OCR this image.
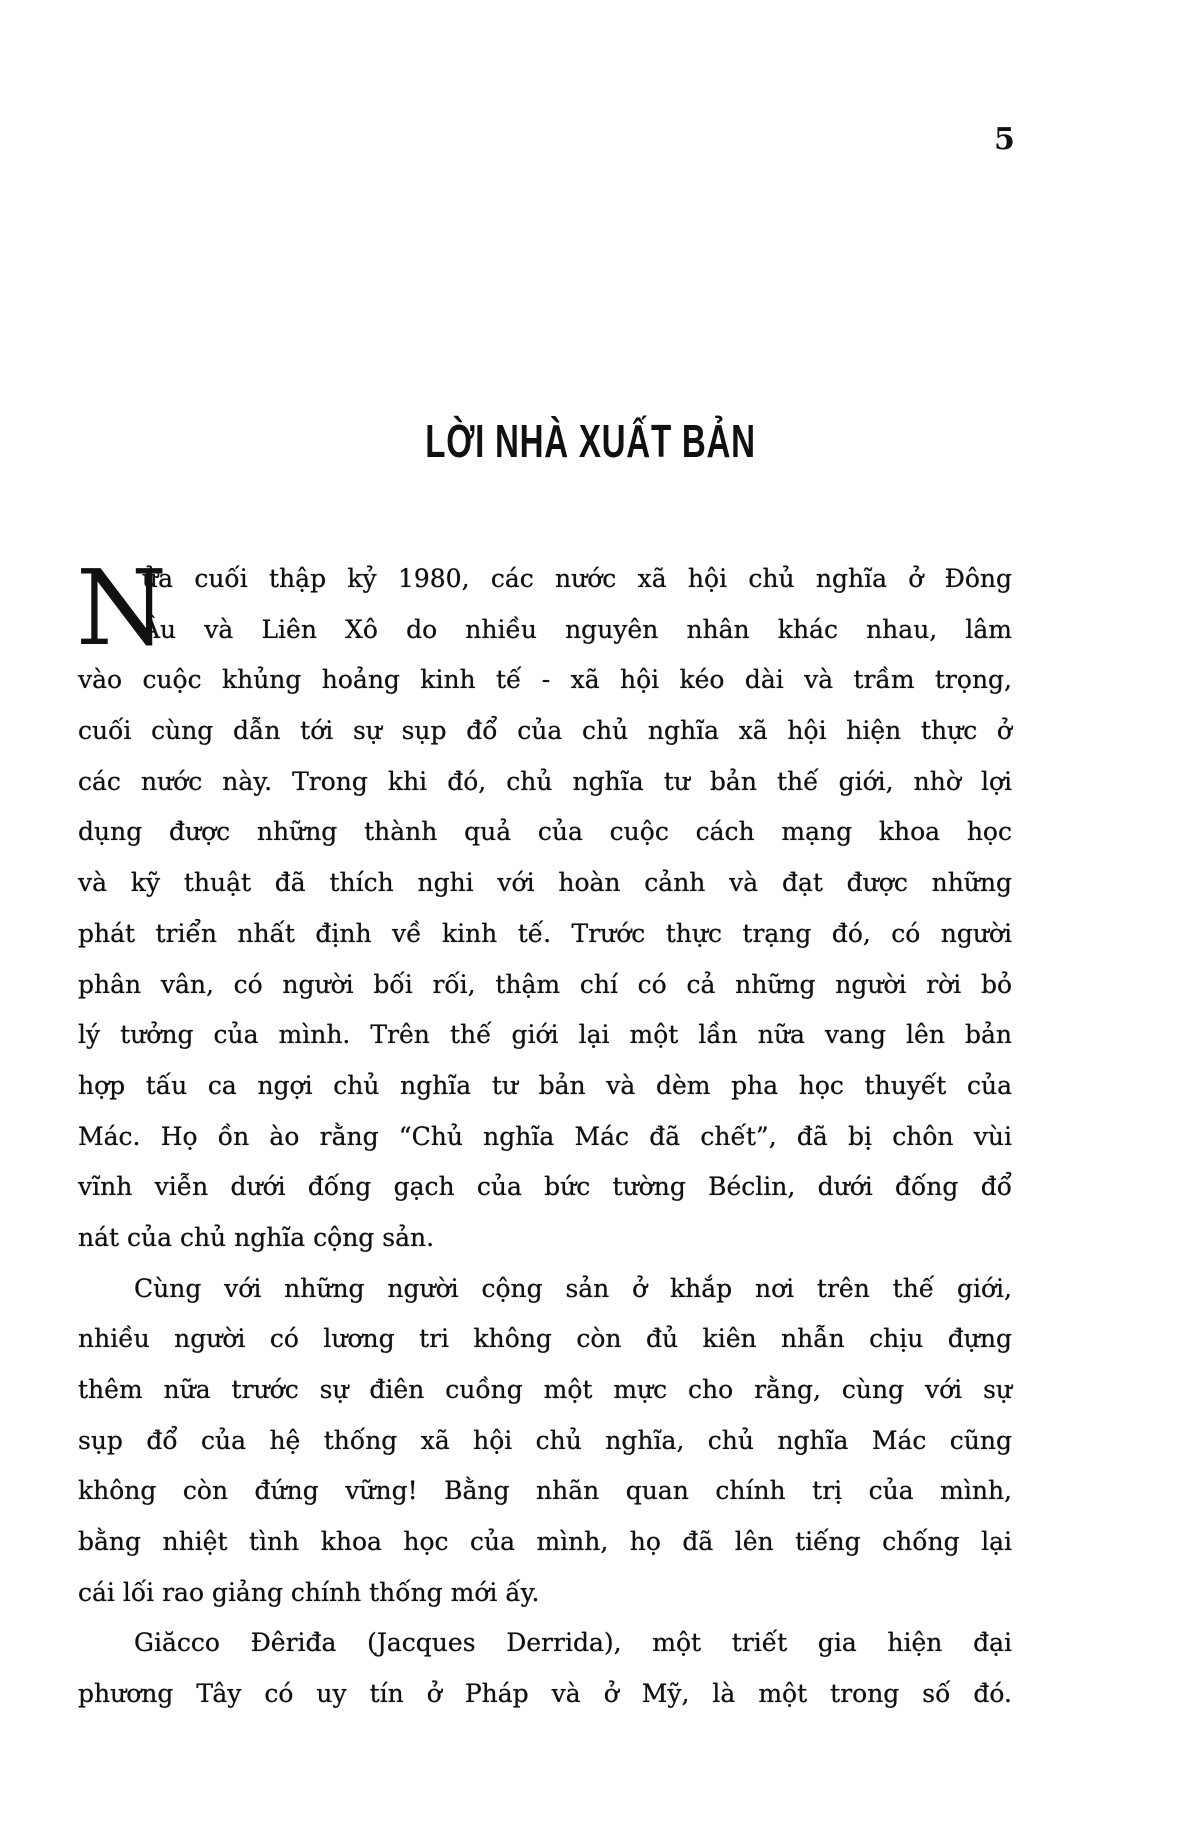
5
LỜI NHÀ XUẤT BẢN
N
ửa cuối thập kỷ 1980, các nước xã hội chủ nghĩa ở Đông
Âu và Liên Xô do nhiều nguyên nhân khác nhau, lâm
vào cuộc khủng hoảng kinh tế - xã hội kéo dài và trầm trọng,
cuối cùng dẫn tới sự sụp đổ của chủ nghĩa xã hội hiện thực ở
các nước này. Trong khi đó, chủ nghĩa tư bản thế giới, nhờ lợi
dụng được những thành quả của cuộc cách mạng khoa học
và kỹ thuật đã thích nghi với hoàn cảnh và đạt được những
phát triển nhất định về kinh tế. Trước thực trạng đó, có người
phân vân, có người bối rối, thậm chí có cả những người rời bỏ
lý tưởng của mình. Trên thế giới lại một lần nữa vang lên bản
hợp tấu ca ngợi chủ nghĩa tư bản và dèm pha học thuyết của
Mác. Họ ồn ào rằng “Chủ nghĩa Mác đã chết”, đã bị chôn vùi
vĩnh viễn dưới đống gạch của bức tường Béclin, dưới đống đổ
nát của chủ nghĩa cộng sản.
Cùng với những người cộng sản ở khắp nơi trên thế giới,
nhiều người có lương tri không còn đủ kiên nhẫn chịu đựng
thêm nữa trước sự điên cuồng một mực cho rằng, cùng với sự
sụp đổ của hệ thống xã hội chủ nghĩa, chủ nghĩa Mác cũng
không còn đứng vững! Bằng nhãn quan chính trị của mình,
bằng nhiệt tình khoa học của mình, họ đã lên tiếng chống lại
cái lối rao giảng chính thống mới ấy.
Giăcco Đêriđa (Jacques Derrida), một triết gia hiện đại
phương Tây có uy tín ở Pháp và ở Mỹ, là một trong số đó.
